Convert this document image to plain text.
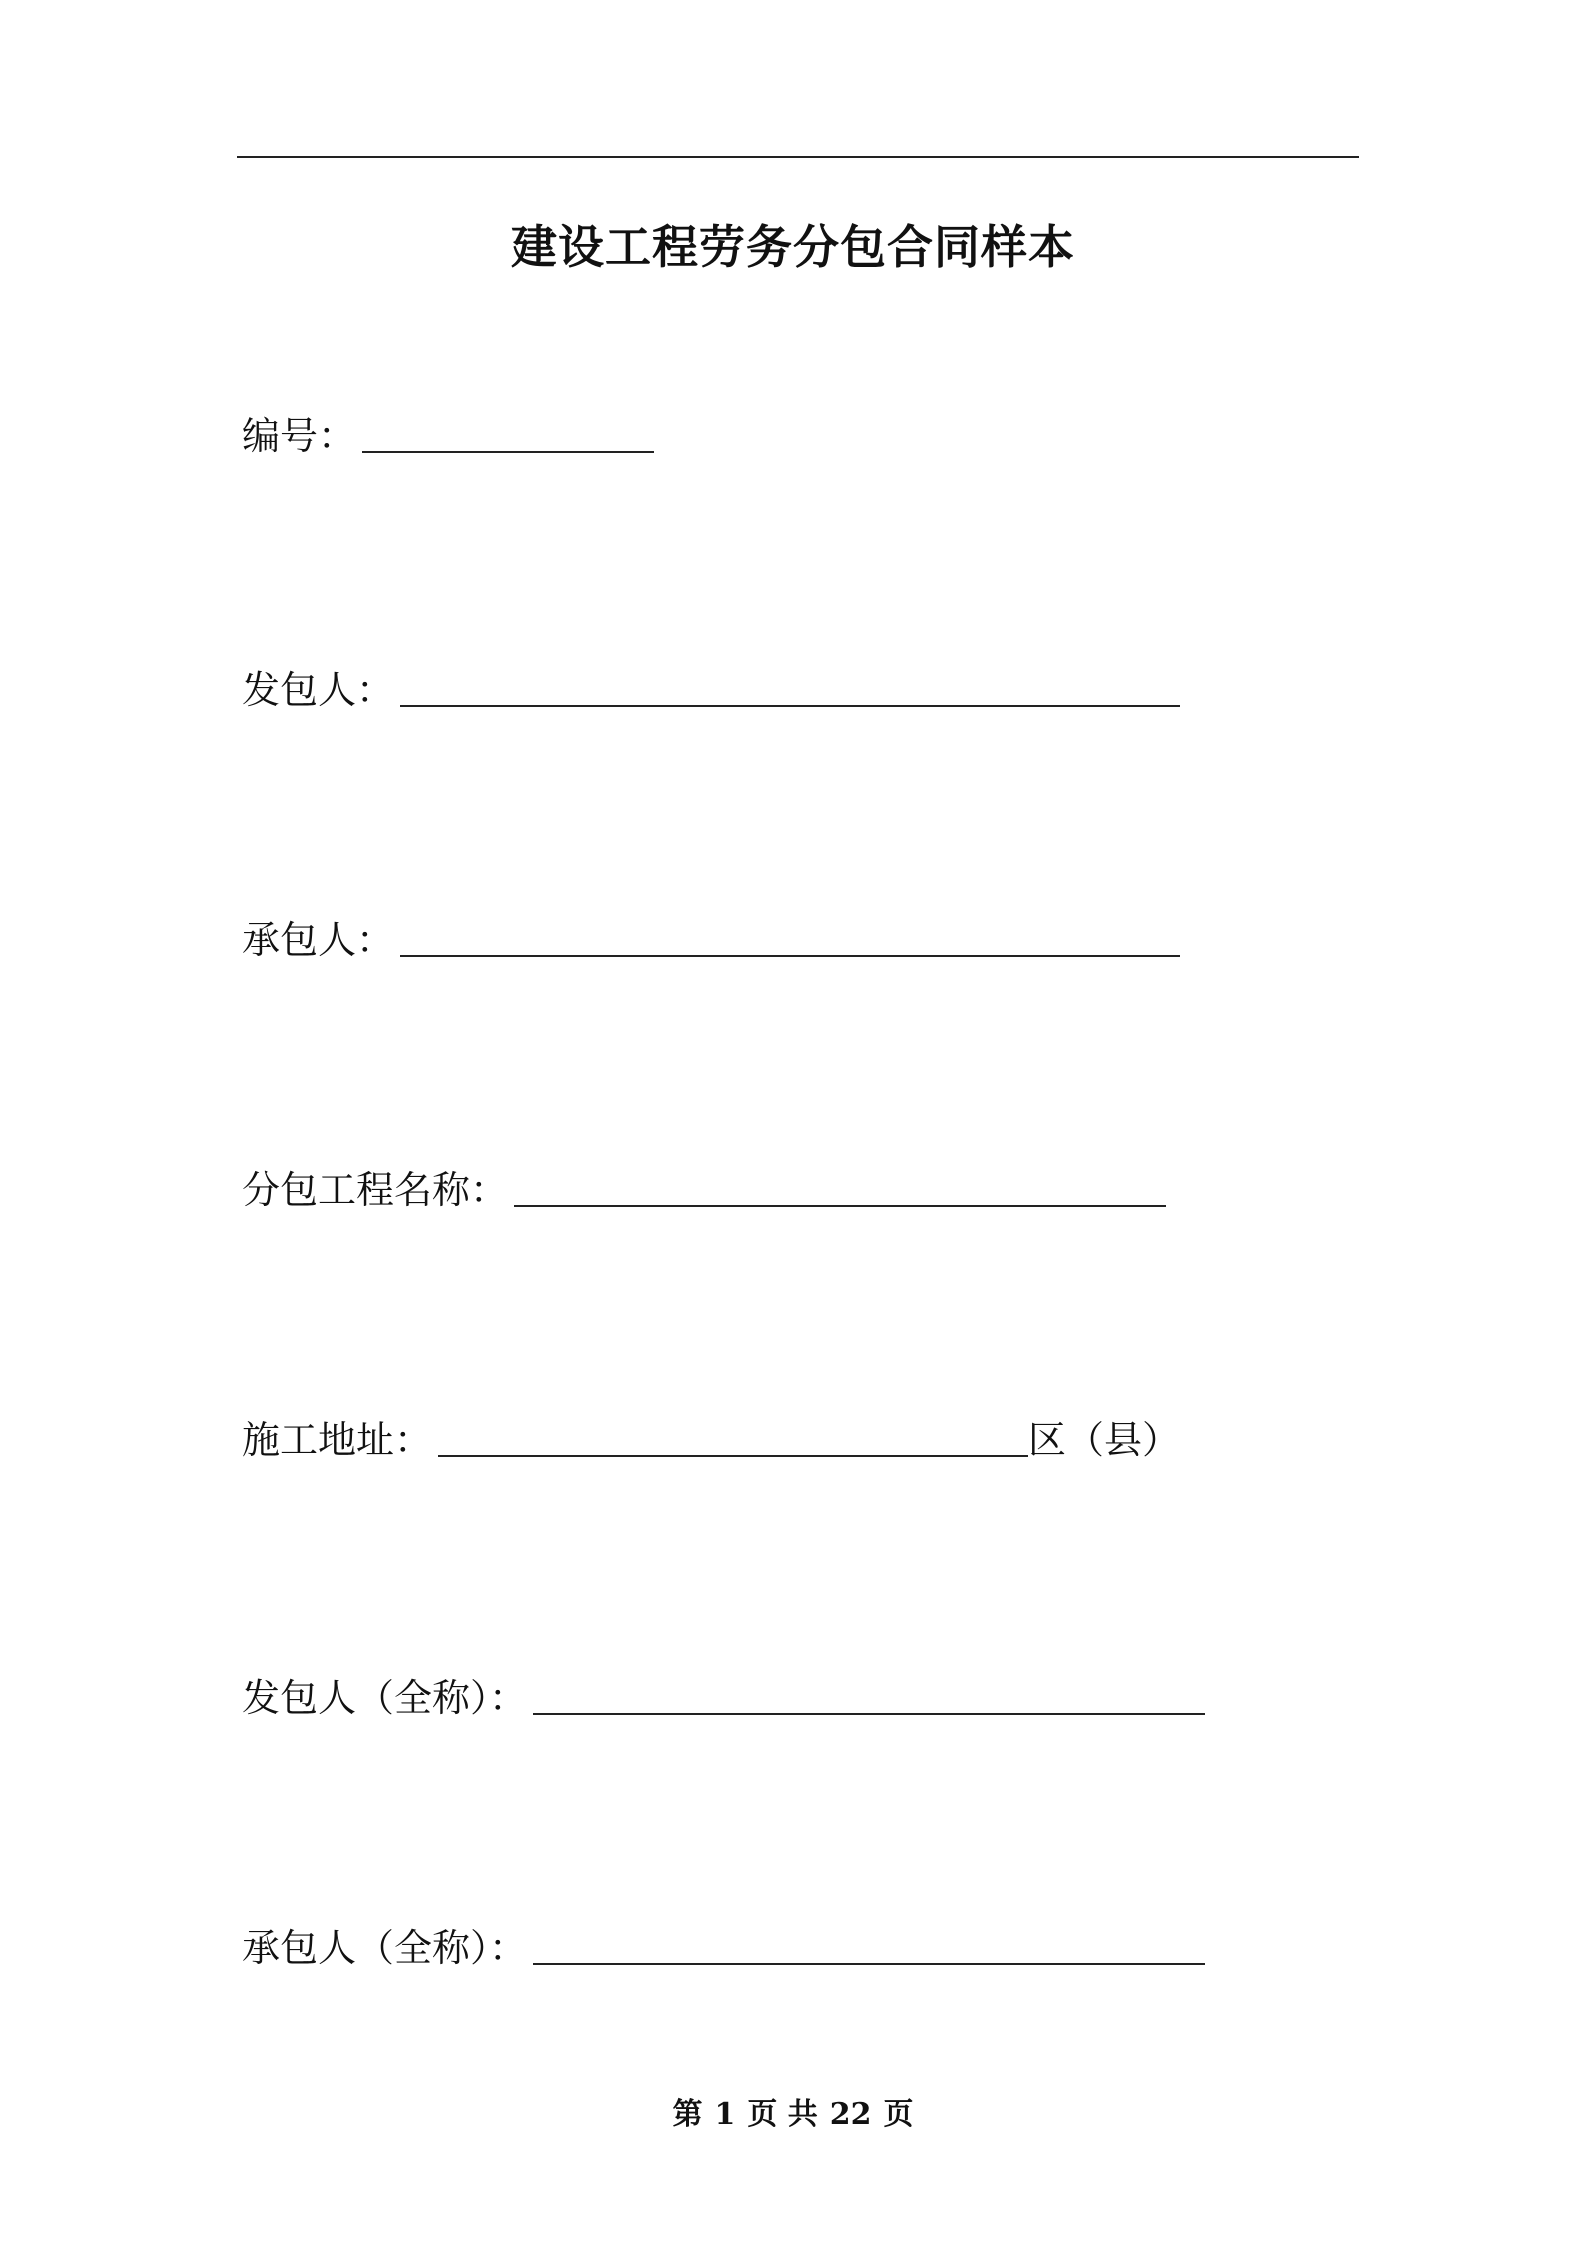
建设工程劳务分包合同样本
编号：
发包人：
承包人：
分包工程名称：
施工地址：	区（县）
发包人（全称）：
承包人（全称）：
第 1 页 共 22 页
